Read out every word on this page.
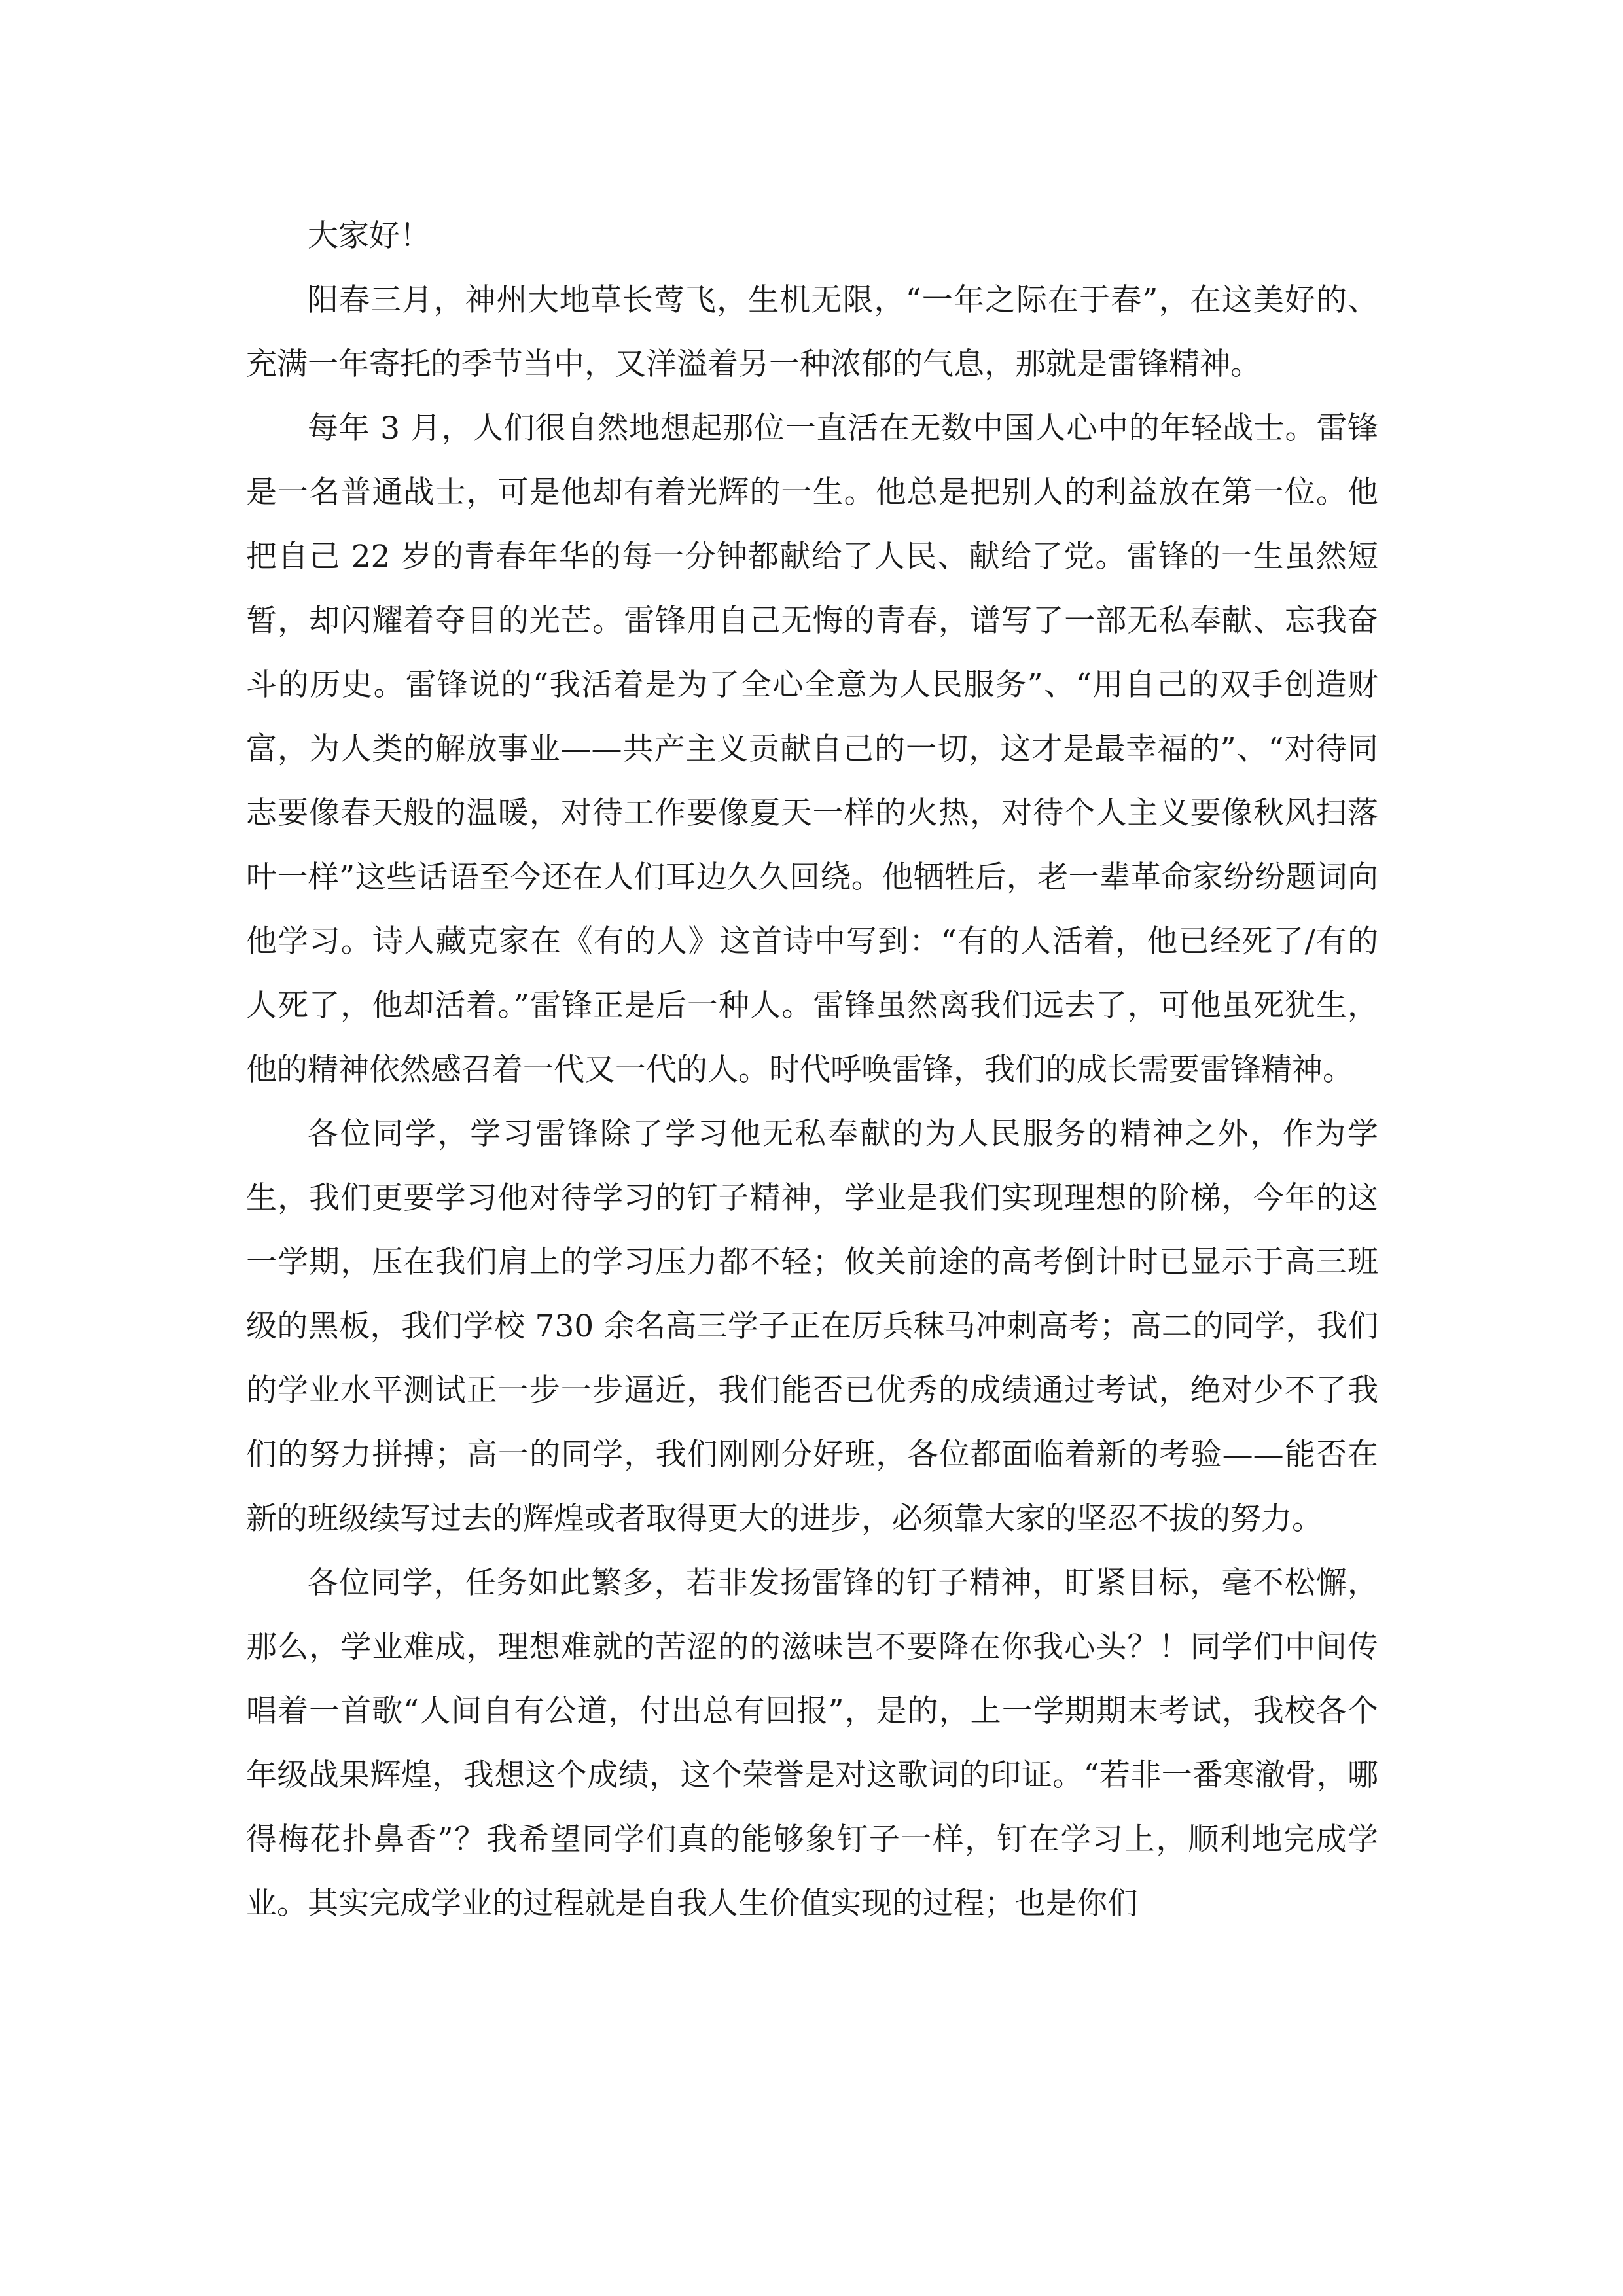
大家好！

阳春三月，神州大地草长莺飞，生机无限，“一年之际在于春”，在这美好的、充满一年寄托的季节当中，又洋溢着另一种浓郁的气息，那就是雷锋精神。

每年 3 月，人们很自然地想起那位一直活在无数中国人心中的年轻战士。雷锋是一名普通战士，可是他却有着光辉的一生。他总是把别人的利益放在第一位。他把自己 22 岁的青春年华的每一分钟都献给了人民、献给了党。雷锋的一生虽然短暂，却闪耀着夺目的光芒。雷锋用自己无悔的青春，谱写了一部无私奉献、忘我奋斗的历史。雷锋说的“我活着是为了全心全意为人民服务”、“用自己的双手创造财富，为人类的解放事业——共产主义贡献自己的一切，这才是最幸福的”、“对待同志要像春天般的温暖，对待工作要像夏天一样的火热，对待个人主义要像秋风扫落叶一样”这些话语至今还在人们耳边久久回绕。他牺牲后，老一辈革命家纷纷题词向他学习。诗人藏克家在《有的人》这首诗中写到：“有的人活着，他已经死了/有的人死了，他却活着。”雷锋正是后一种人。雷锋虽然离我们远去了，可他虽死犹生，他的精神依然感召着一代又一代的人。时代呼唤雷锋，我们的成长需要雷锋精神。

各位同学，学习雷锋除了学习他无私奉献的为人民服务的精神之外，作为学生，我们更要学习他对待学习的钉子精神，学业是我们实现理想的阶梯，今年的这一学期，压在我们肩上的学习压力都不轻；攸关前途的高考倒计时已显示于高三班级的黑板，我们学校 730 余名高三学子正在厉兵秣马冲刺高考；高二的同学，我们的学业水平测试正一步一步逼近，我们能否已优秀的成绩通过考试，绝对少不了我们的努力拼搏；高一的同学，我们刚刚分好班，各位都面临着新的考验——能否在新的班级续写过去的辉煌或者取得更大的进步，必须靠大家的坚忍不拔的努力。

各位同学，任务如此繁多，若非发扬雷锋的钉子精神，盯紧目标，毫不松懈，那么，学业难成，理想难就的苦涩的的滋味岂不要降在你我心头？！同学们中间传唱着一首歌“人间自有公道，付出总有回报”，是的，上一学期期末考试，我校各个年级战果辉煌，我想这个成绩，这个荣誉是对这歌词的印证。“若非一番寒澈骨，哪得梅花扑鼻香”？我希望同学们真的能够象钉子一样，钉在学习上，顺利地完成学业。其实完成学业的过程就是自我人生价值实现的过程；也是你们
